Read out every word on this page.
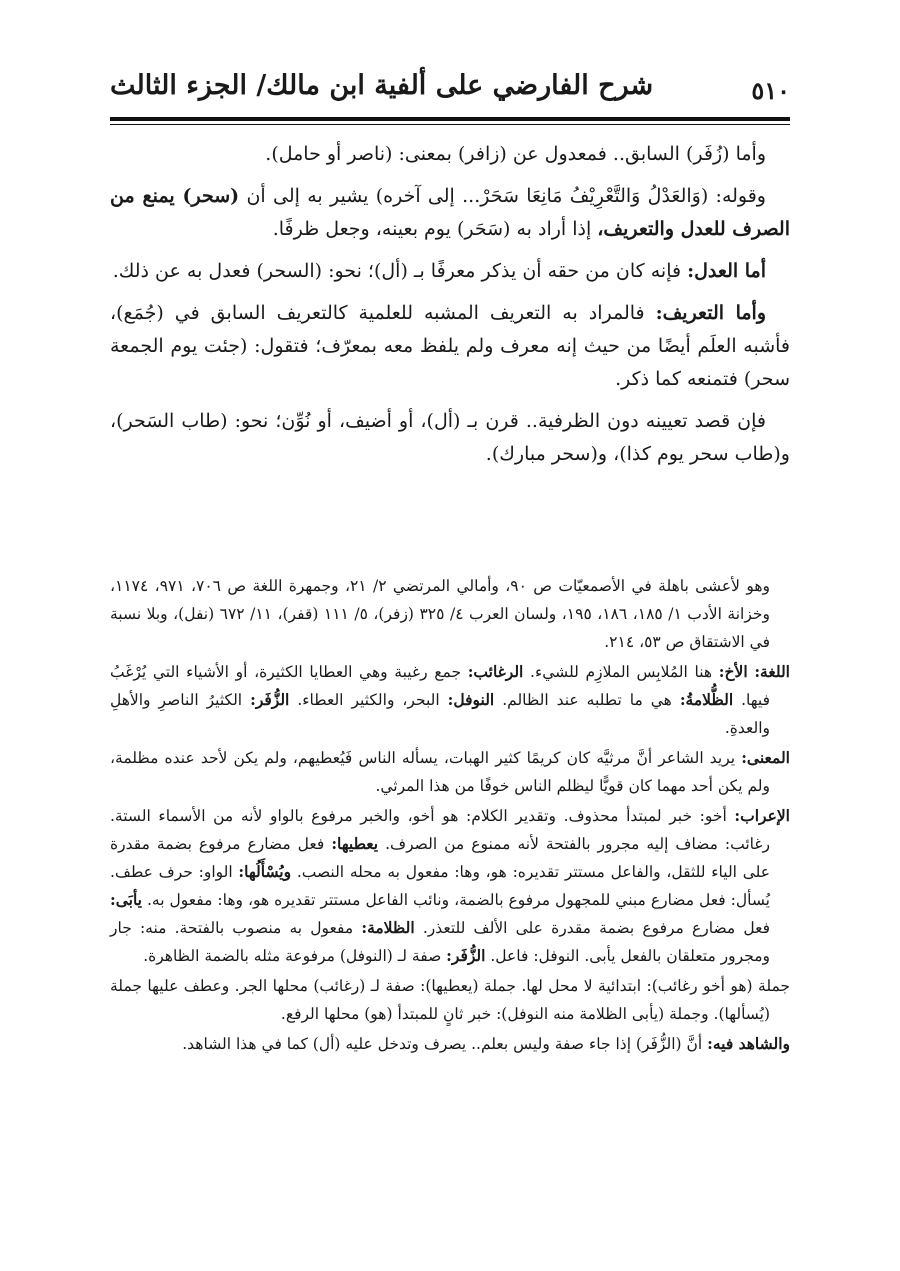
٥١٠
شرح الفارضي على ألفية ابن مالك/ الجزء الثالث

وأما (زُفَر) السابق.. فمعدول عن (زافر) بمعنى: (ناصر أو حامل).

وقوله: (وَالعَدْلُ وَالتَّعْرِيْفُ مَانِعَا سَحَرْ... إلى آخره) يشير به إلى أن (سحر) يمنع من الصرف للعدل والتعريف، إذا أراد به (سَحَر) يوم بعينه، وجعل ظرفًا.

أما العدل: فإنه كان من حقه أن يذكر معرفًا بـ (أل)؛ نحو: (السحر) فعدل به عن ذلك.

وأما التعريف: فالمراد به التعريف المشبه للعلمية كالتعريف السابق في (جُمَع)، فأشبه العلَم أيضًا من حيث إنه معرف ولم يلفظ معه بمعرّف؛ فتقول: (جئت يوم الجمعة سحر) فتمنعه كما ذكر.

فإن قصد تعيينه دون الظرفية.. قرن بـ (أل)، أو أضيف، أو نُوِّن؛ نحو: (طاب السَحر)، و(طاب سحر يوم كذا)، و(سحر مبارك).

وهو لأعشى باهلة في الأصمعيّات ص ٩٠، وأمالي المرتضي ٢/ ٢١، وجمهرة اللغة ص ٧٠٦، ٩٧١، ١١٧٤، وخزانة الأدب ١/ ١٨٥، ١٨٦، ١٩٥، ولسان العرب ٤/ ٣٢٥ (زفر)، ٥/ ١١١ (قفر)، ١١/ ٦٧٢ (نفل)، وبلا نسبة في الاشتقاق ص ٥٣، ٢١٤.

اللغة: الأخ: هنا المُلابِس الملازِم للشيء. الرغائب: جمع رغيبة وهي العطايا الكثيرة، أو الأشياء التي يُرْغَبُ فيها. الظُّلامةُ: هي ما تطلبه عند الظالم. النوفل: البحر، والكثير العطاء. الزُّفَر: الكثيرُ الناصرِ والأهلِ والعدةِ.

المعنى: يريد الشاعر أنَّ مرثيَّه كان كريمًا كثير الهبات، يسأله الناس فَيُعطيهم، ولم يكن لأحد عنده مظلمة، ولم يكن أحد مهما كان قويًّا ليظلم الناس خوفًا من هذا المرثي.

الإعراب: أخو: خبر لمبتدأ محذوف. وتقدير الكلام: هو أخو، والخبر مرفوع بالواو لأنه من الأسماء الستة. رغائب: مضاف إليه مجرور بالفتحة لأنه ممنوع من الصرف. يعطيها: فعل مضارع مرفوع بضمة مقدرة على الياء للثقل، والفاعل مستتر تقديره: هو، وها: مفعول به محله النصب. ويُسْأَلُها: الواو: حرف عطف. يُسأل: فعل مضارع مبني للمجهول مرفوع بالضمة، ونائب الفاعل مستتر تقديره هو، وها: مفعول به. يأبَى: فعل مضارع مرفوع بضمة مقدرة على الألف للتعذر. الظلامة: مفعول به منصوب بالفتحة. منه: جار ومجرور متعلقان بالفعل يأبى. النوفل: فاعل. الزُّفَر: صفة لـ (النوفل) مرفوعة مثله بالضمة الظاهرة.

جملة (هو أخو رغائب): ابتدائية لا محل لها. جملة (يعطيها): صفة لـ (رغائب) محلها الجر. وعطف عليها جملة (يُسألها). وجملة (يأبى الظلامة منه النوفل): خبر ثانٍ للمبتدأ (هو) محلها الرفع.

والشاهد فيه: أنَّ (الزُّفَر) إذا جاء صفة وليس بعلم.. يصرف وتدخل عليه (أل) كما في هذا الشاهد.
